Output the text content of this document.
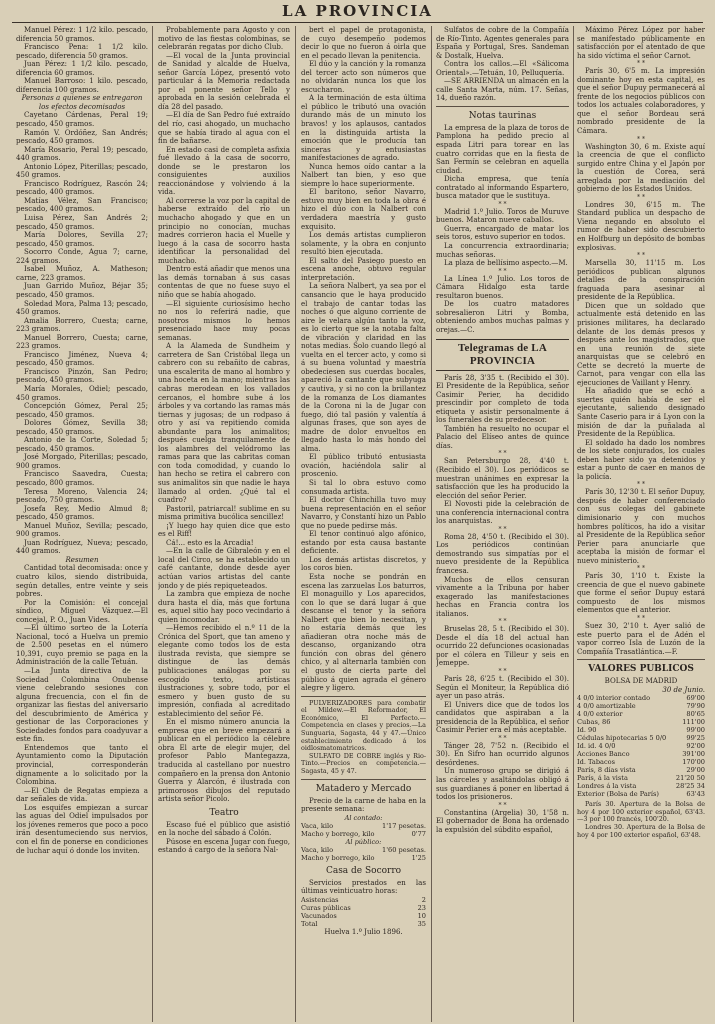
LA PROVINCIA

Manuel Pérez: 1 1/2 kilo. pescado, diferencia 50 gramos.

Francisco Pena: 1 1/2 kilo. pescado, diferencia 50 gramos.

Juan Pérez: 1 1/2 kilo. pescado, diferencia 60 gramos.

Manuel Barroso: 1 kilo. pescado, diferencia 100 gramos.

Personas a quienes se entregaron los efectos decomisados

Cayetano Cárdenas, Peral 19; pescado, 450 gramos.

Ramón V. Ordóñez, San Andrés; pescado, 450 gramos.

María Rosario, Peral 19; pescado, 440 gramos.

Antonio López, Piterillas; pescado, 450 gramos.

Francisco Rodríguez, Rascón 24; pescado, 400 gramos.

Matías Vélez, San Francisco; pescado, 400 gramos.

Luisa Pérez, San Andrés 2; pescado, 450 gramos.

María Dolores, Sevilla 27; pescado, 450 gramos.

Socorro Conde, Agua 7; carne, 224 gramos.

Isabel Muñoz, A. Matheson; carne, 223 gramos.

Juan Garrido Muñoz, Béjar 35; pescado, 450 gramos.

Soledad Mora, Palma 13; pescado, 450 gramos.

Amalia Borrero, Cuesta; carne, 223 gramos.

Manuel Borrero, Cuesta; carne, 223 gramos.

Francisco Jiménez, Nueva 4; pescado, 450 gramos.

Francisco Pinzón, San Pedro; pescado, 450 gramos.

María Morales, Odiel; pescado, 450 gramos.

Concepción Gómez, Peral 25; pescado, 450 gramos.

Dolores Gómez, Sevilla 38; pescado, 450 gramos.

Antonio de la Corte, Soledad 5; pescado, 450 gramos.

José Morgado, Piterillas; pescado, 900 gramos.

Francisco Saavedra, Cuesta; pescado, 800 gramos.

Teresa Moreno, Valencia 24; pescado, 750 gramos.

Josefa Rey, Medio Almud 8; pescado, 450 gramos.

Manuel Muñoz, Sevilla; pescado, 900 gramos.

Juan Rodríguez, Nueva; pescado, 440 gramos.

Resumen

Cantidad total decomisada: once y cuatro kilos, siendo distribuida, según detalles, entre veinte y seis pobres.

Por la Comisión: el concejal síndico, Miguel Vázquez.—El concejal, P. O., Juan Vides.

—El último sorteo de la Lotería Nacional, tocó a Huelva un premio de 2.500 pesetas en el número 10,391, cuyo premio se paga en la Administración de la calle Tetuán.

—La Junta directiva de la Sociedad Colombina Onubense viene celebrando sesiones con alguna frecuencia, con el fin de organizar las fiestas del aniversario del descubrimiento de América y gestionar de las Corporaciones y Sociedades fondos para coadyuvar a este fin.

Entendemos que tanto el Ayuntamiento como la Diputación provincial, corresponderán dignamente a lo solicitado por la Colombina.

—El Club de Regatas empieza a dar señales de vida.

Los esquifes empiezan a surcar las aguas del Odiel impulsados por los jóvenes remeros que poco a poco irán desentumeciendo sus nervios, con el fin de ponerse en condiciones de luchar aquí ó donde los inviten.

Probablemente para Agosto y con motivo de las fiestas colombinas, se celebrarán regatas por dicho Club.

—El vocal de la Junta provincial de Sanidad y alcalde de Huelva, señor García López, presentó voto particular á la Memoria redactada por el ponente señor Tello y aprobada en la sesión celebrada el día 28 del pasado.

—El día de San Pedro fué extraído del río, casi ahogado, un muchacho que se había tirado al agua con el fin de bañarse.

En estado casi de completa asfixia fué llevado á la casa de socorro, donde se le prestaron los consiguientes auxilios reaccionándose y volviendo á la vida.

Al correrse la voz por la capital de haberse extraído del río un muchacho ahogado y que en un principio no conocían, muchas madres corrieron hacia el Muelle y luego á la casa de socorro hasta identificar la personalidad del muchacho.

Dentro está añadir que menos una las demás tornaban á sus casas contentas de que no fuese suyo el niño que se había ahogado.

—El siguiente curiosísimo hecho no nos lo referirá nadie, que nosotros mismos lo hemos presenciado hace muy pocas semanas.

A la Alameda de Sundheim y carretera de San Cristóbal llega un cabrero con su rebañito de cabras, una escalerita de mano al hombro y una hoceta en la mano; mientras las cabras merodean en los vallados cercanos, el hombre sube á los árboles y va cortando las ramas más tiernas y jugosas; de un rodpaso á otro y así va repitiendo comida abundante para los animalitos; después cuelga tranquilamente de los alambres del velódromo las ramas para que las cabritas coman con toda comodidad, y cuando lo han hecho se retira el cabrero con sus animalitos sin que nadie le haya llamado al orden. ¿Qué tal el cuadro?

Pastoril, patriarcal! sublime en su misma primitiva bucólica sencillez!

¡Y luego hay quien dice que esto es el Riff!

Cá!... esto es la Arcadia!

—En la calle de Gibraleón y en el local del Circo, se ha establecido un café cantante, donde desde ayer actúan varios artistas del cante jondo y de piés repiqueteados.

La zambra que empieza de noche dura hasta el día, más que fortuna es, aquel sitio hay poco vecindario á quien incomodar.

—Hemos recibido el n.º 11 de la Crónica del Sport, que tan ameno y elegante como todos los de esta ilustrada revista, que siempre se distingue de las demás publicaciones análogas por su escogido texto, artísticas ilustraciones y, sobre todo, por el esmero y buen gusto de su impresión, confiada al acreditado establecimiento del señor Fé.

En el mismo número anuncia la empresa que en breve empezará a publicar en el periódico la célebre obra El arte de elegir mujer, del profesor Pablo Mantegazza, traducida al castellano por nuestro compañero en la prensa don Antonio Guerra y Alarcón, é ilustrada con primorosos dibujos del reputado artista señor Picolo.

Teatro

Escaso fué el público que asistió en la noche del sábado á Colón.

Púsose en escena Jugar con fuego, estando á cargo de la señora Nal-

bert el papel de protagonista, de cuyo desempeño podemos decir lo que no fueron á oirla que en el pecado llevan la penitencia.

El dúo y la canción y la romanza del tercer acto son números que no olvidarán nunca los que los escucharon.

A la terminación de esta última el público le tributó una ovación durando más de un minuto los bravos! y los aplausos, cantados en la distinguida artista la emoción que le producía tan sinceras y entusiastas manifestaciones de agrado.

Nunca hemos oído cantar a la Nalbert tan bien, y eso que siempre lo hace superiormente.

El barítono, señor Navarro, estuvo muy bien en toda la obra é hizo el dúo con la Nalbert con verdadera maestría y gusto exquisito.

Los demás artistas cumplieron solamente, y la obra en conjunto resultó bien ejecutada.

El salto del Pasiego puesto en escena anoche, obtuvo regular interpretación.

La señora Nalbert, ya sea por el cansancio que le haya producido el trabajo de cantar todas las noches ó que alguno corriente de aire le velara algún tanto la voz, es lo cierto que se la notaba falta de vibración y claridad en las notas medias. Solo cuando llegó al vuelta en el tercer acto, y como si á su buena voluntad y maestría obedeciesen sus cuerdas bocales, apareció la cantante que subyuga y cautiva, y si no con la brillantez de la romanza de Los diamantes de la Corona ni la de Jugar con fuego, dió tal pasión y valentía á algunas frases, que son ayes de madre de dolor envueltos en llegado hasta lo más hondo del alma.

El público tributó entusiasta ovación, haciéndola salir al proscenio.

Si tal lo obra estuvo como consumada artista.

El doctor Chinchilla tuvo muy buena representación en el señor Navarro, y Constantí hizo un Pablo que no puede pedirse más.

El tenor continuó algo afónico, estando por esta causa bastante deficiente.

Los demás artistas discretos, y los coros bien.

Esta noche se pondrán en escena las zarzuelas Los baturros, El monaguillo y Los aparecidos, con lo que se dará lugar á que descanse el tenor y la señora Nalbert que bien lo necesitan, y no estaría demás que les añadieran otra noche más de descanso, organizando otra función con obras del género chico, y al alternarla también con el gusto de cierta parte del público á quien agrada el género alegre y ligero.

PULVERIZADORES para combatir el Mildew.—El Reformador, El Económico, El Perfecto.—Competencia en clases y precios.—La Sunguaria, Sagasta, 44 y 47.—Único establecimiento dedicado á los oidlosmatomatricos.

SULFATO DE COBRE inglés y Rio-Tinto.—Precios en competencia.—Sagasta, 45 y 47.

Matadero y Mercado

Precio de la carne de haba en la presente semana:

Al contado:	
Vaca, kilo	1'17 pesetas.
Macho y borrego, kilo	0'77
Al público:	
Vaca, kilo	1'60 pesetas.
Macho y borrego, kilo	1'25
Casa de Socorro

Servicios prestados en las últimas veinticuatro horas:

Asistencias	2
Curas públicas	23
Vacunados	10
Total	35

Huelva 1.º Julio 1896.

Sulfatos de cobre de la Compañía de Río-Tinto. Agentes generales para España y Portugal, Sres. Sandeman & Dostalk, Huelva.

Contra los callos.—El «Sálicoma Oriental».—Tetuán, 10, Pelluquería.

—SE ARRIENDA un almacén en la calle Santa Marta, núm. 17. Señas, 14, dueño razón.

Notas taurinas

La empresa de la plaza de toros de Pamplona ha pedido precio al espada Litri para torear en las cuatro corridas que en la fiesta de San Fermín se celebran en aquella ciudad.

Dicha empresa, que tenía contratado al informando Espartero, busca matador que le sustituya.

* *

Madrid 1.º Julio. Toros de Muruve buenos. Mataron nueve caballos.

Guerra, encargado de matar los seis toros, estuvo superior en todos.

La concurrencia extraordinaria; muchas señoras.

La plaza de bellísimo aspecto.—M.

* *

La Línea 1.º Julio. Los toros de Cámara Hidalgo esta tarde resultaron buenos.

De los cuatro matadores sobresalieron Litri y Bomba, obteniendo ambos muchas palmas y orejas.—C.

Telegramas de LA PROVINCIA

París 28, 3'35 t. (Recibido el 30). El Presidente de la República, señor Casimir Perier, ha decidido prescindir por completo de toda etiqueta y asistir personalmente á los funerales de su predecesor.

También ha resuelto no ocupar el Palacio del Elíseo antes de quince días.

* *

San Petersburgo 28, 4'40 t. (Recibido el 30). Los periódicos se muestran unánimes en expresar la satisfacción que les ha producido la elección del señor Perier.

El Novosti pide la celebración de una conferencia internacional contra los anarquistas.

* *

Roma 28, 4'50 t. (Recibido el 30). Los periódicos continúan demostrando sus simpatías por el nuevo presidente de la República francesa.

Muchos de ellos censuran vivamente a la Tribuna por haber exagerado las manifestaciones hechas en Francia contra los italianos.

* *

Bruselas 28, 5 t. (Recibido el 30). Desde el día 18 del actual han ocurrido 22 defunciones ocasionadas por el cólera en Tilleur y seis en Jemeppe.

* *

París 28, 6'25 t. (Recibido el 30). Según el Moniteur, la República dió ayer un paso atrás.

El Univers dice que de todos los candidatos que aspiraban a la presidencia de la República, el señor Casimir Perier era el más aceptable.

* *

Tánger 28, 7'52 n. (Recibido el 30). En Sifro han ocurrido algunos desórdenes.

Un numeroso grupo se dirigió á las cárceles y asaltándolas obligó á sus guardianes á poner en libertad á todos los prisioneros.

* *

Constantina (Argelia) 30, 1'58 n. El gobernador de Bona ha ordenado la expulsión del súbdito español,

Máximo Pérez López por haber se manifestado públicamente en satisfacción por el atentado de que ha sido víctima el señor Carnot.

* *

París 30, 6'5 m. La impresión dominante hoy en esta capital, es que el señor Dupuy permanecerá al frente de los negocios públicos con todos los actuales colaboradores, y que el señor Bordeau será nombrado presidente de la Cámara.

* *

Washington 30, 6 m. Existe aquí la creencia de que el conflicto surgido entre China y el Japón por la cuestión de Corea, será arreglada por la mediación del gobierno de los Estados Unidos.

* *

Londres 30, 6'15 m. The Standard publica un despacho de Viena negando en absoluto el rumor de haber sido descubierto en Holfburg un depósito de bombas explosivas.

* *

Marsella 30, 11'15 m. Los periódicos publican algunos detalles de la conspiración fraguada para asesinar al presidente de la República.

Dicen que un soldado que actualmente está detenido en las prisiones militares, ha declarado delante de los demás presos y después ante los magistrados, que en una reunión de siete anarquistas que se celebró en Cette se decretó la muerte de Carnot, para vengar con ella las ejecuciones de Vaillant y Henry.

Ha añadido que se echó a suertes quién había de ser el ejecutante, saliendo designado Sante Caserio para ir á Lyon con la misión de dar la puñalada al Presidente de la República.

El soldado ha dado los nombres de los siete conjurados, los cuales deben haber sido ya detenidos y estar a punto de caer en manos de la policía.

* *

París 30, 12'30 t. El señor Dupuy, después de haber conferenciado con sus colegas del gabinete dimisionario y con muchos hombres políticos, ha ido a visitar al Presidente de la República señor Perier para anunciarle que aceptaba la misión de formar el nuevo ministerio.

* *

París 30, 1'10 t. Existe la creencia de que el nuevo gabinete que forme el señor Dupuy estará compuesto de los mismos elementos que el anterior.

* *

Suez 30, 2'10 t. Ayer salió de este puerto para el de Adén el vapor correo Isla de Luzón de la Compañía Trasatlántica.—F.

VALORES PUBLICOS

BOLSA DE MADRID

30 de Junio.

4 0/0 interior contado	69'00
4 0/0 amortizable	79'90
4 0/0 exterior	80'65
Cubas, 86	111'00
Id. 90	99'00
Cédulas hipotecarias 5 0/0	99'25
Id. id. 4 0/0	92'00
Acciones Banco	391'00
Id. Tabacos	170'00
París, 8 días vista	29'00
París, á la vista	21'20 50
Londres á la vista	28'25 34
Exterior (Bolsa de París)	63'43

París 30. Apertura de la Bolsa de hoy 4 por 100 exterior español, 63'43.—3 por 100 francés, 100'20.

Londres 30. Apertura de la Bolsa de hoy 4 por 100 exterior español, 63'48.
